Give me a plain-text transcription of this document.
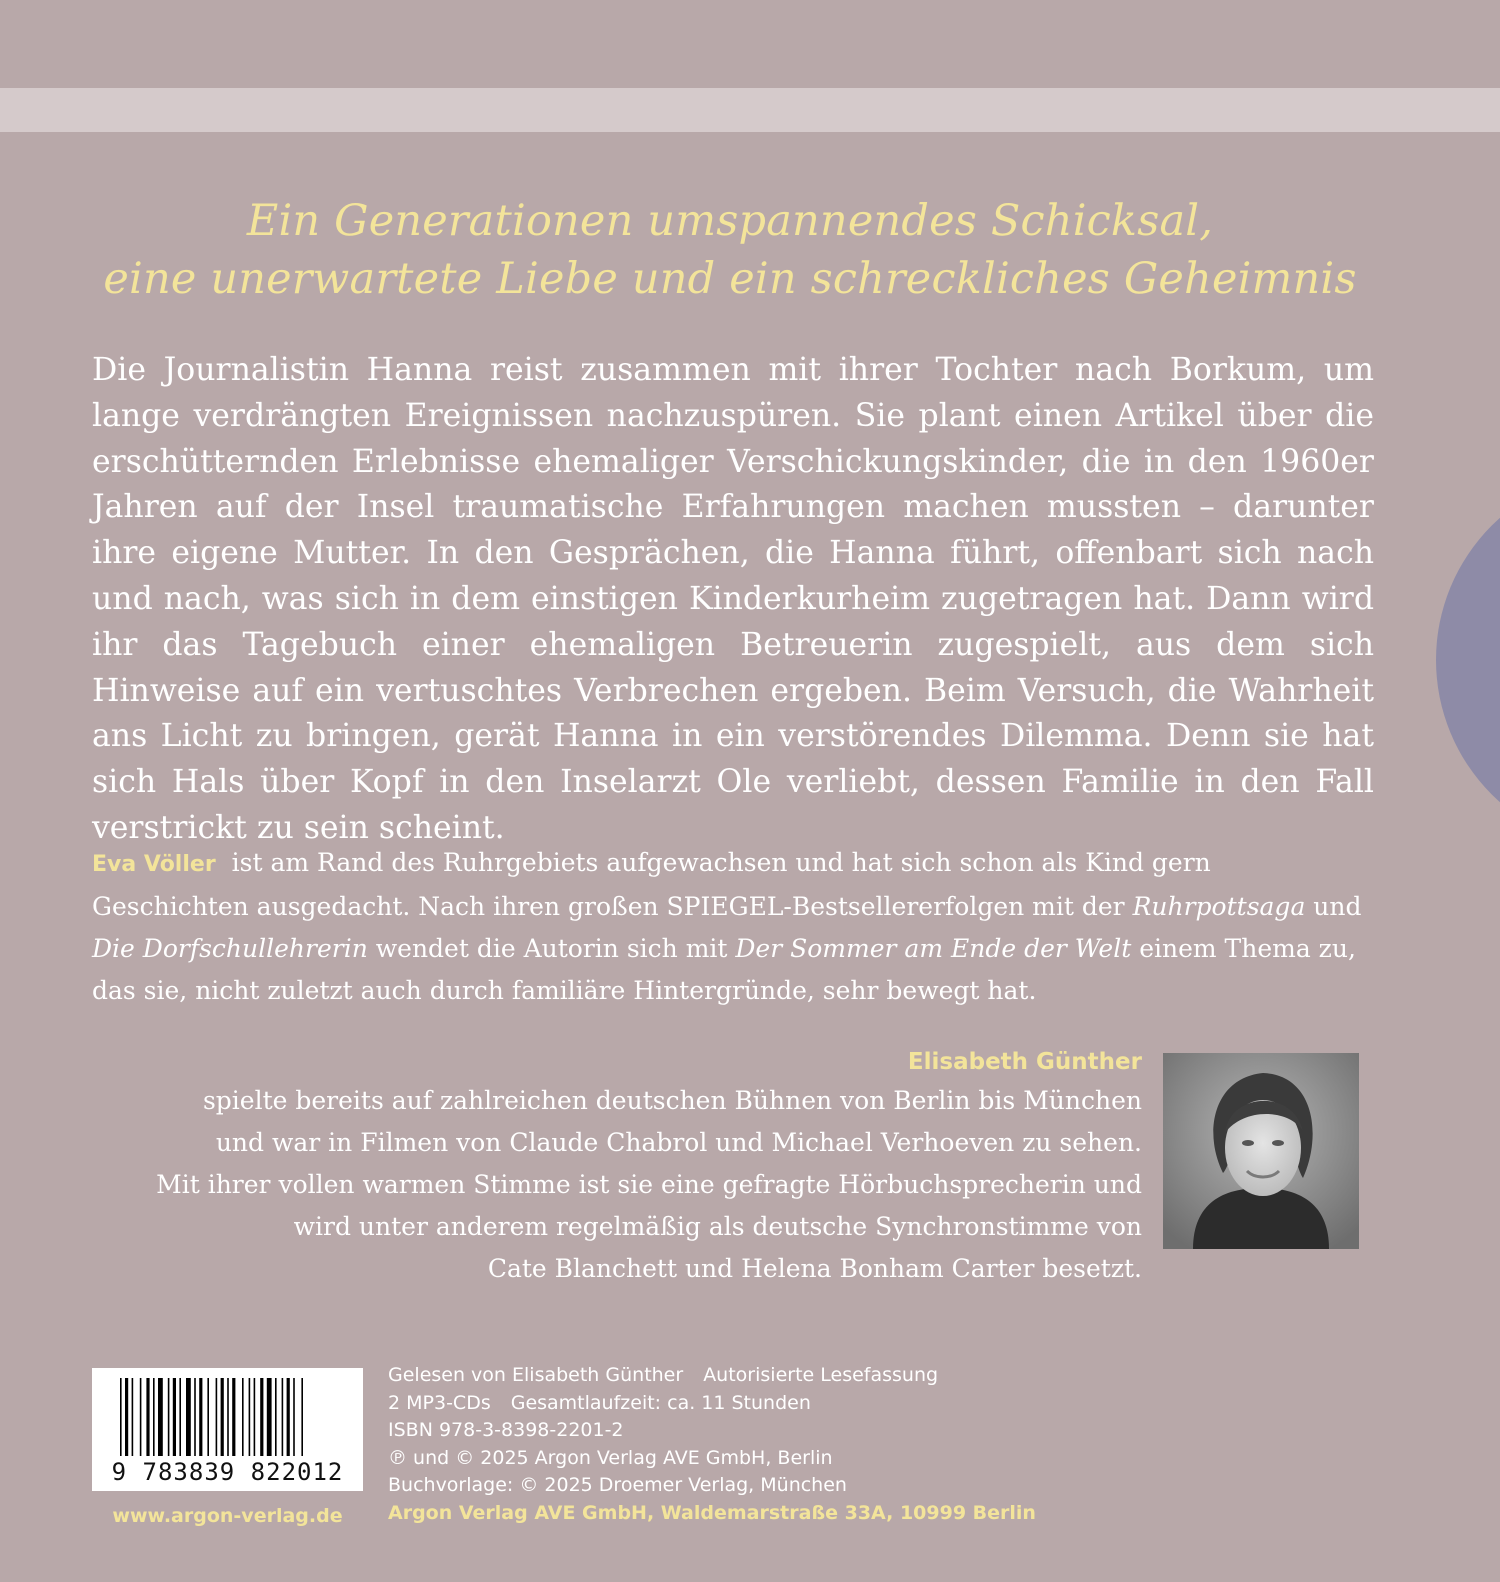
Ein Generationen umspannendes Schicksal,
eine unerwartete Liebe und ein schreckliches Geheimnis
Die Journalistin Hanna reist zusammen mit ihrer Tochter nach Borkum, um lange verdrängten Ereignissen nachzuspüren. Sie plant einen Artikel über die erschütternden Erlebnisse ehemaliger Verschickungskinder, die in den 1960er Jahren auf der Insel traumatische Erfahrungen machen mussten – darunter ihre eigene Mutter. In den Gesprächen, die Hanna führt, offenbart sich nach und nach, was sich in dem einstigen Kinderkurheim zugetragen hat. Dann wird ihr das Tagebuch einer ehemaligen Betreuerin zugespielt, aus dem sich Hinweise auf ein vertuschtes Verbrechen ergeben. Beim Versuch, die Wahrheit ans Licht zu bringen, gerät Hanna in ein verstörendes Dilemma. Denn sie hat sich Hals über Kopf in den Inselarzt Ole verliebt, dessen Familie in den Fall verstrickt zu sein scheint.
Eva Völler ist am Rand des Ruhrgebiets aufgewachsen und hat sich schon als Kind gern Geschichten ausgedacht. Nach ihren großen SPIEGEL-Bestsellererfolgen mit der Ruhrpottsaga und Die Dorfschullehrerin wendet die Autorin sich mit Der Sommer am Ende der Welt einem Thema zu, das sie, nicht zuletzt auch durch familiäre Hintergründe, sehr bewegt hat.
Elisabeth Günther
spielte bereits auf zahlreichen deutschen Bühnen von Berlin bis München
und war in Filmen von Claude Chabrol und Michael Verhoeven zu sehen.
Mit ihrer vollen warmen Stimme ist sie eine gefragte Hörbuchsprecherin und
wird unter anderem regelmäßig als deutsche Synchronstimme von
Cate Blanchett und Helena Bonham Carter besetzt.
9 783839 822012
www.argon-verlag.de
Gelesen von Elisabeth Günther Autorisierte Lesefassung
2 MP3-CDs Gesamtlaufzeit: ca. 11 Stunden
ISBN 978-3-8398-2201-2
℗ und © 2025 Argon Verlag AVE GmbH, Berlin
Buchvorlage: © 2025 Droemer Verlag, München
Argon Verlag AVE GmbH, Waldemarstraße 33A, 10999 Berlin
